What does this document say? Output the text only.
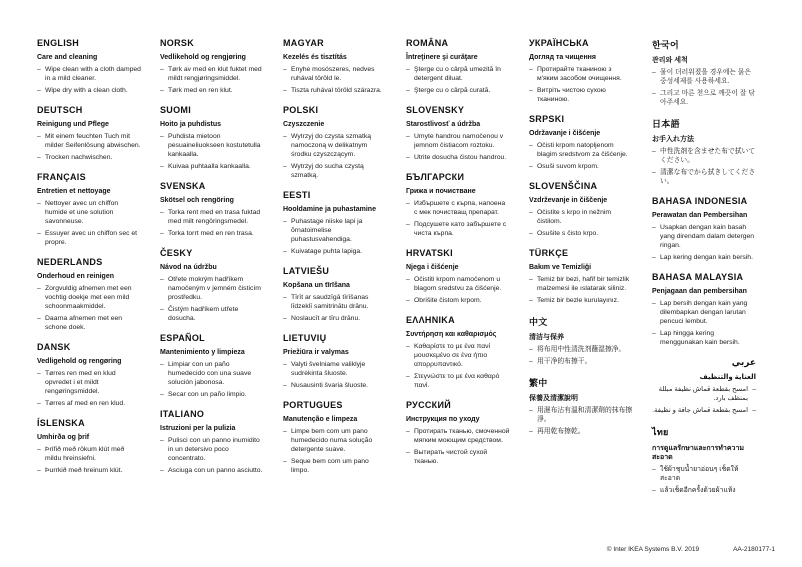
ENGLISH
Care and cleaning
– Wipe clean with a cloth damped in a mild cleaner.
– Wipe dry with a clean cloth.
DEUTSCH
Reinigung und Pflege
– Mit einem feuchten Tuch mit milder Seifenlösung abwischen.
– Trocken nachwischen.
FRANÇAIS
Entretien et nettoyage
– Nettoyer avec un chiffon humide et une solution savonneuse.
– Essuyer avec un chiffon sec et propre.
NEDERLANDS
Onderhoud en reinigen
– Zorgvuldig afnemen met een vochtig doekje met een mild schoonmaakmiddel.
– Daarna afnemen met een schone doek.
DANSK
Vedligehold og rengøring
– Tørres ren med en klud opvredet i et mildt rengøringsmiddel.
– Tørres af med en ren klud.
ÍSLENSKA
Umhirða og þrif
– Þrífið með rökum klút með mildu hreinsiefni.
– Þurrkið með hreinum klút.
NORSK
Vedlikehold og rengjøring
– Tørk av med en klut fuktet med mildt rengjøringsmiddel.
– Tørk med en ren klut.
SUOMI
Hoito ja puhdistus
– Puhdista mietoon pesuaineliuokseen kostutetulla kankaalla.
– Kuivaa puhtaalla kankaalla.
SVENSKA
Skötsel och rengöring
– Torka rent med en trasa fuktad med milt rengöringsmedel.
– Torka torrt med en ren trasa.
ČESKY
Návod na údržbu
– Otřete mokrým hadříkem namočeným v jemném čisticím prostředku.
– Čistým hadříkem utřete dosucha.
ESPAÑOL
Mantenimiento y limpieza
– Limpiar con un paño humedecido con una suave solución jabonosa.
– Secar con un paño limpio.
ITALIANO
Istruzioni per la pulizia
– Pulisci con un panno inumidito in un detersivo poco concentrato.
– Asciuga con un panno asciutto.
MAGYAR
Kezelés és tisztítás
– Enyhe mosószeres, nedves ruhával töröld le.
– Tiszta ruhával töröld szárazra.
POLSKI
Czyszczenie
– Wytrzyj do czysta szmatką namoczoną w delikatnym środku czyszczącym.
– Wytrzyj do sucha czystą szmatką.
EESTI
Hooldamine ja puhastamine
– Puhastage niiske lapi ja õrnatoimelise puhastusvahendiga.
– Kuivatage puhta lapiga.
LATVIEŠU
Kopšana un tīrīšana
– Tīrīt ar saudzīgā tīrīšanas līdzeklī samitrinātu drānu.
– Noslaucīt ar tīru drānu.
LIETUVIŲ
Priežiūra ir valymas
– Valyti švelniame valiklyje sudrėkinta šluoste.
– Nusausinti švaria šluoste.
PORTUGUES
Manutenção e limpeza
– Limpe bem com um pano humedecido numa solução detergente suave.
– Seque bem com um pano limpo.
ROMÂNA
Întreţinere şi curăţare
– Şterge cu o cârpă umezită în detergent diluat.
– Şterge cu o cârpă curată.
SLOVENSKY
Starostlivosť a údržba
– Umyte handrou namočenou v jemnom čistiacom roztoku.
– Utrite dosucha čistou handrou.
БЪЛГАРСКИ
Грижа и почистване
– Избършете с кърпа, напоена с мек почистващ препарат.
– Подсушете като забършете с чиста кърпа.
HRVATSKI
Njega i čišćenje
– Očistiti krpom namočenom u blagom sredstvu za čišćenje.
– Obrišite čistom krpom.
ΕΛΛΗΝΙΚΑ
Συντήρηση και καθαρισμός
– Καθαρίστε το με ένα πανί μουσκεμένο σε ένα ήπιο απορρυπαντικό.
– Στεγνώστε το με ένα καθαρό πανί.
РУССКИЙ
Инструкция по уходу
– Протирать тканью, смоченной мягким моющим средством.
– Вытирать чистой сухой тканью.
УКРАЇНСЬКА
Догляд та чищення
– Протирайте тканиною з м'яким засобом очищення.
– Витріть чистою сухою тканиною.
SRPSKI
Održavanje i čišćenje
– Očisti krpom natopljenom blagim sredstvom za čišćenje.
– Osuši suvom krpom.
SLOVENŠČINA
Vzdrževanje in čiščenje
– Očistite s krpo in nežnim čistilom.
– Osušite s čisto krpo.
TÜRKÇE
Bakım ve Temizliği
– Temiz bir bezi, hafif bir temizlik malzemesi ile ıslatarak siliniz.
– Temiz bir bezle kurulayınız.
中文
清洁与保养
– 将布用中性清洗剂蘸湿擦净。
– 用干净的布擦干。
繁中
保養及清潔說明
– 用濕布沾有溫和清潔劑的抹布擦淨。
– 再用乾布擦乾。
한국어
관리와 세척
– 물이 더러워졌을 경우에는 묽은 중성세제를 사용하세요.
– 그리고 마른 천으로 깨끗이 잘 닦아주세요.
日本語
お手入れ方法
– 中性洗剤を含ませた布で拭いてください。
– 清潔な布でから拭きしてください。
BAHASA INDONESIA
Perawatan dan Pembersihan
– Usapkan dengan kain basah yang direndam dalam detergen ringan.
– Lap kering dengan kain bersih.
BAHASA MALAYSIA
Penjagaan dan pembersihan
– Lap bersih dengan kain yang dilembapkan dengan larutan pencuci lembut.
– Lap hingga kering menggunakan kain bersih.
عربي
العناية والتنظيف
– امسح بقطعة قماش نظيفة مبللة بمنظف بارد.
– امسح بقطعة قماش جافة و نظيفة.
ไทย
การดูแลรักษาและการทำความสะอาด
– ใช้ผ้าชุบน้ำยาอ่อนๆ เช็ดให้สะอาด
– แล้วเช็ดอีกครั้งด้วยผ้าแห้ง
© Inter IKEA Systems B.V. 2019	AA-2180177-1
